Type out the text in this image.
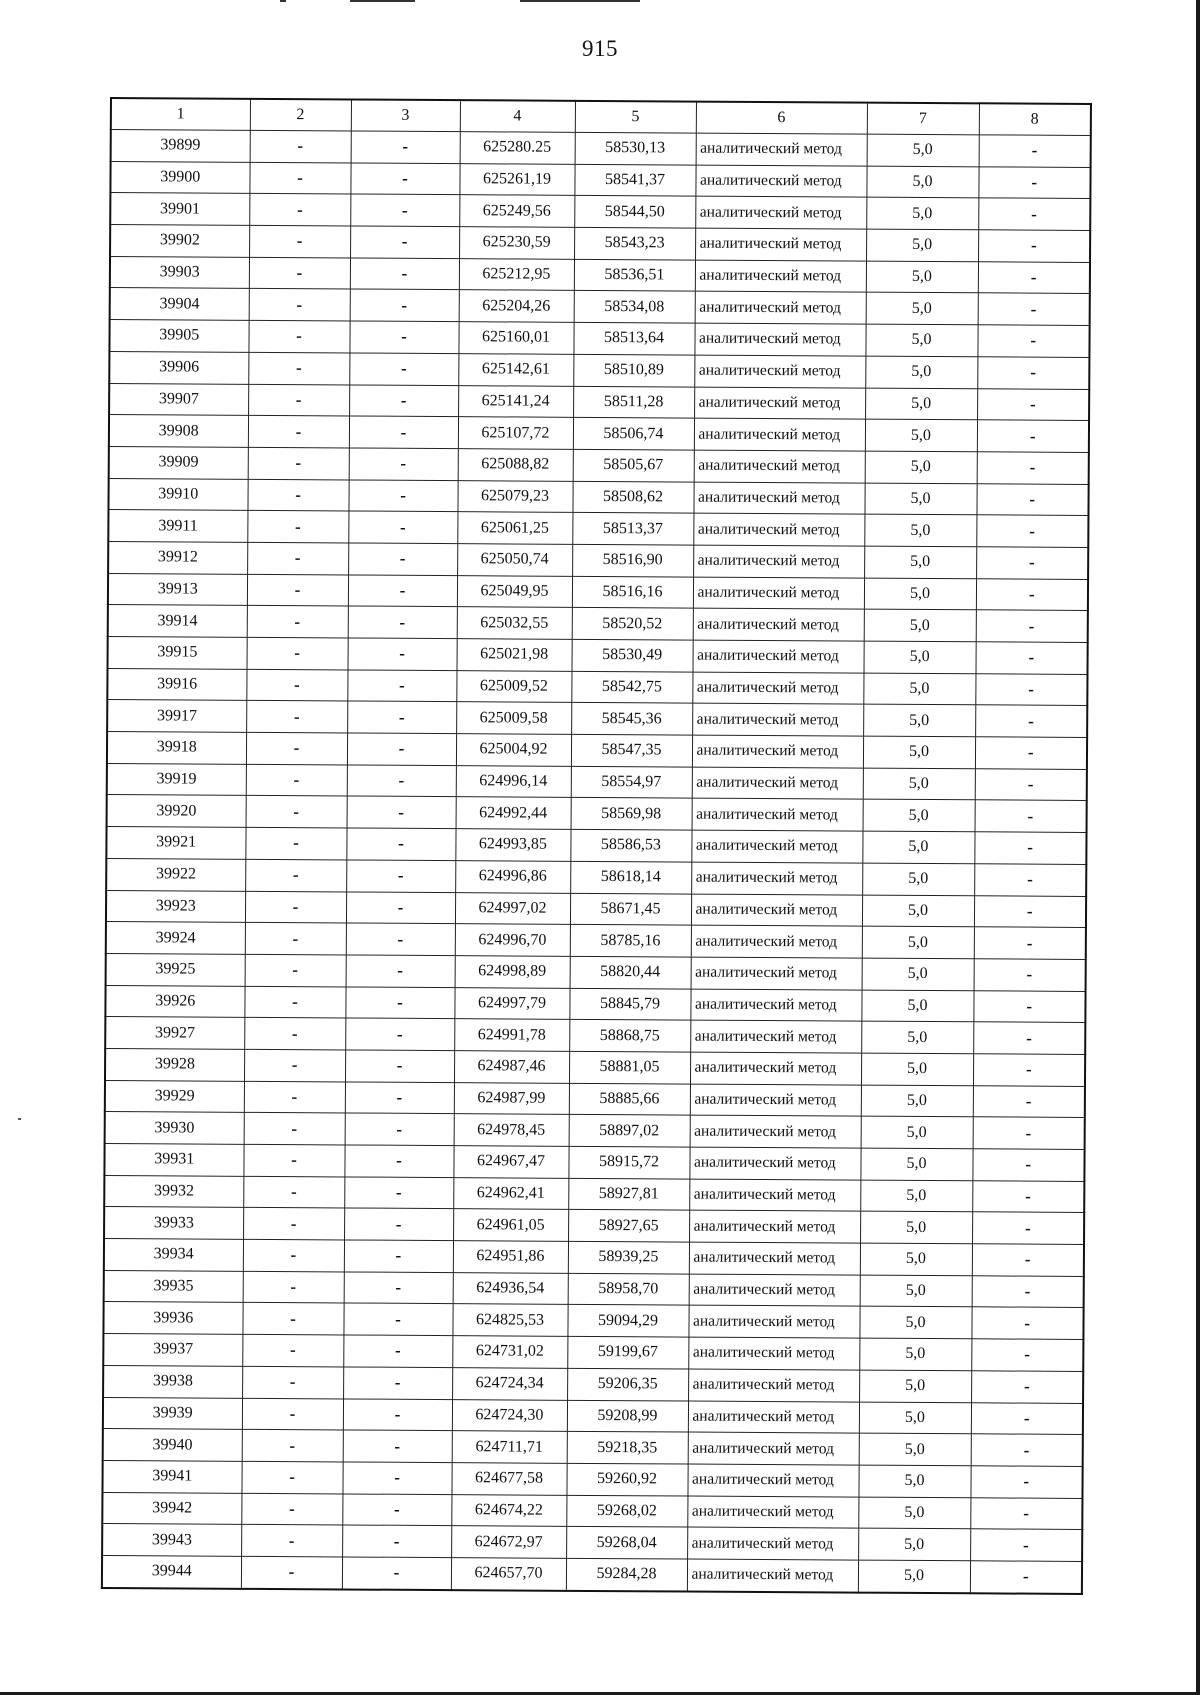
915
1	2	3	4	5	6	7	8
39899	-	-	625280.25	58530,13	аналитический метод	5,0	-
39900	-	-	625261,19	58541,37	аналитический метод	5,0	-
39901	-	-	625249,56	58544,50	аналитический метод	5,0	-
39902	-	-	625230,59	58543,23	аналитический метод	5,0	-
39903	-	-	625212,95	58536,51	аналитический метод	5,0	-
39904	-	-	625204,26	58534,08	аналитический метод	5,0	-
39905	-	-	625160,01	58513,64	аналитический метод	5,0	-
39906	-	-	625142,61	58510,89	аналитический метод	5,0	-
39907	-	-	625141,24	58511,28	аналитический метод	5,0	-
39908	-	-	625107,72	58506,74	аналитический метод	5,0	-
39909	-	-	625088,82	58505,67	аналитический метод	5,0	-
39910	-	-	625079,23	58508,62	аналитический метод	5,0	-
39911	-	-	625061,25	58513,37	аналитический метод	5,0	-
39912	-	-	625050,74	58516,90	аналитический метод	5,0	-
39913	-	-	625049,95	58516,16	аналитический метод	5,0	-
39914	-	-	625032,55	58520,52	аналитический метод	5,0	-
39915	-	-	625021,98	58530,49	аналитический метод	5,0	-
39916	-	-	625009,52	58542,75	аналитический метод	5,0	-
39917	-	-	625009,58	58545,36	аналитический метод	5,0	-
39918	-	-	625004,92	58547,35	аналитический метод	5,0	-
39919	-	-	624996,14	58554,97	аналитический метод	5,0	-
39920	-	-	624992,44	58569,98	аналитический метод	5,0	-
39921	-	-	624993,85	58586,53	аналитический метод	5,0	-
39922	-	-	624996,86	58618,14	аналитический метод	5,0	-
39923	-	-	624997,02	58671,45	аналитический метод	5,0	-
39924	-	-	624996,70	58785,16	аналитический метод	5,0	-
39925	-	-	624998,89	58820,44	аналитический метод	5,0	-
39926	-	-	624997,79	58845,79	аналитический метод	5,0	-
39927	-	-	624991,78	58868,75	аналитический метод	5,0	-
39928	-	-	624987,46	58881,05	аналитический метод	5,0	-
39929	-	-	624987,99	58885,66	аналитический метод	5,0	-
39930	-	-	624978,45	58897,02	аналитический метод	5,0	-
39931	-	-	624967,47	58915,72	аналитический метод	5,0	-
39932	-	-	624962,41	58927,81	аналитический метод	5,0	-
39933	-	-	624961,05	58927,65	аналитический метод	5,0	-
39934	-	-	624951,86	58939,25	аналитический метод	5,0	-
39935	-	-	624936,54	58958,70	аналитический метод	5,0	-
39936	-	-	624825,53	59094,29	аналитический метод	5,0	-
39937	-	-	624731,02	59199,67	аналитический метод	5,0	-
39938	-	-	624724,34	59206,35	аналитический метод	5,0	-
39939	-	-	624724,30	59208,99	аналитический метод	5,0	-
39940	-	-	624711,71	59218,35	аналитический метод	5,0	-
39941	-	-	624677,58	59260,92	аналитический метод	5,0	-
39942	-	-	624674,22	59268,02	аналитический метод	5,0	-
39943	-	-	624672,97	59268,04	аналитический метод	5,0	-
39944	-	-	624657,70	59284,28	аналитический метод	5,0	-
